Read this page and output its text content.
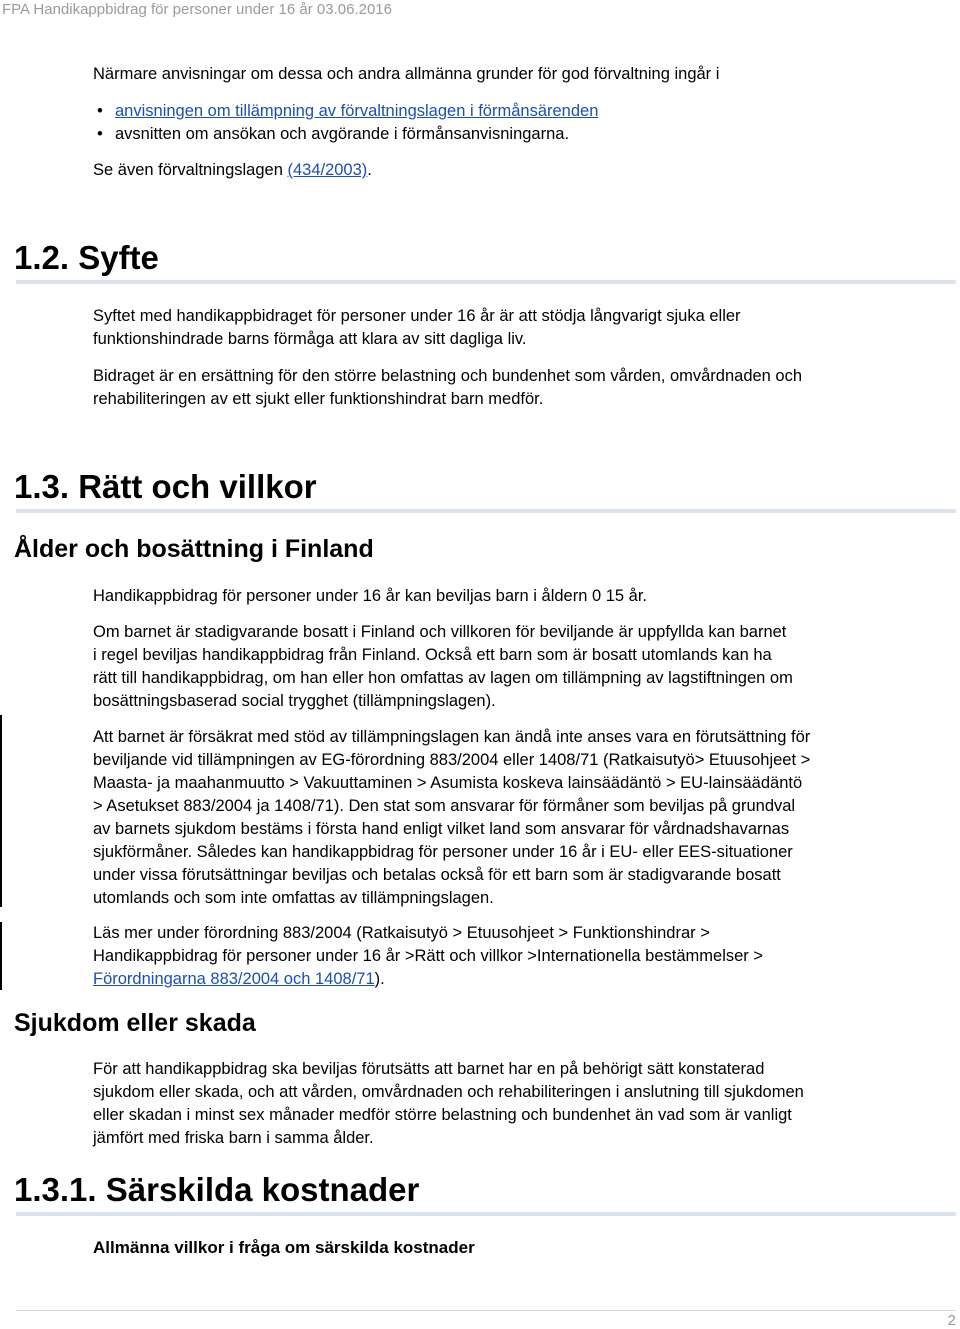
FPA Handikappbidrag för personer under 16 år 03.06.2016
Närmare anvisningar om dessa och andra allmänna grunder för god förvaltning ingår i
• anvisningen om tillämpning av förvaltningslagen i förmånsärenden
• avsnitten om ansökan och avgörande i förmånsanvisningarna.
Se även förvaltningslagen (434/2003).
1.2. Syfte
Syftet med handikappbidraget för personer under 16 år är att stödja långvarigt sjuka eller
funktionshindrade barns förmåga att klara av sitt dagliga liv.
Bidraget är en ersättning för den större belastning och bundenhet som vården, omvårdnaden och
rehabiliteringen av ett sjukt eller funktionshindrat barn medför.
1.3. Rätt och villkor
Ålder och bosättning i Finland
Handikappbidrag för personer under 16 år kan beviljas barn i åldern 0 15 år.
Om barnet är stadigvarande bosatt i Finland och villkoren för beviljande är uppfyllda kan barnet
i regel beviljas handikappbidrag från Finland. Också ett barn som är bosatt utomlands kan ha
rätt till handikappbidrag, om han eller hon omfattas av lagen om tillämpning av lagstiftningen om
bosättningsbaserad social trygghet (tillämpningslagen).
Att barnet är försäkrat med stöd av tillämpningslagen kan ändå inte anses vara en förutsättning för
beviljande vid tillämpningen av EG-förordning 883/2004 eller 1408/71 (Ratkaisutyö> Etuusohjeet >
Maasta- ja maahanmuutto > Vakuuttaminen > Asumista koskeva lainsäädäntö > EU-lainsäädäntö
> Asetukset 883/2004 ja 1408/71). Den stat som ansvarar för förmåner som beviljas på grundval
av barnets sjukdom bestäms i första hand enligt vilket land som ansvarar för vårdnadshavarnas
sjukförmåner. Således kan handikappbidrag för personer under 16 år i EU- eller EES-situationer
under vissa förutsättningar beviljas och betalas också för ett barn som är stadigvarande bosatt
utomlands och som inte omfattas av tillämpningslagen.
Läs mer under förordning 883/2004 (Ratkaisutyö > Etuusohjeet > Funktionshindrar >
Handikappbidrag för personer under 16 år >Rätt och villkor >Internationella bestämmelser >
Förordningarna 883/2004 och 1408/71).
Sjukdom eller skada
För att handikappbidrag ska beviljas förutsätts att barnet har en på behörigt sätt konstaterad
sjukdom eller skada, och att vården, omvårdnaden och rehabiliteringen i anslutning till sjukdomen
eller skadan i minst sex månader medför större belastning och bundenhet än vad som är vanligt
jämfört med friska barn i samma ålder.
1.3.1. Särskilda kostnader
Allmänna villkor i fråga om särskilda kostnader
2
